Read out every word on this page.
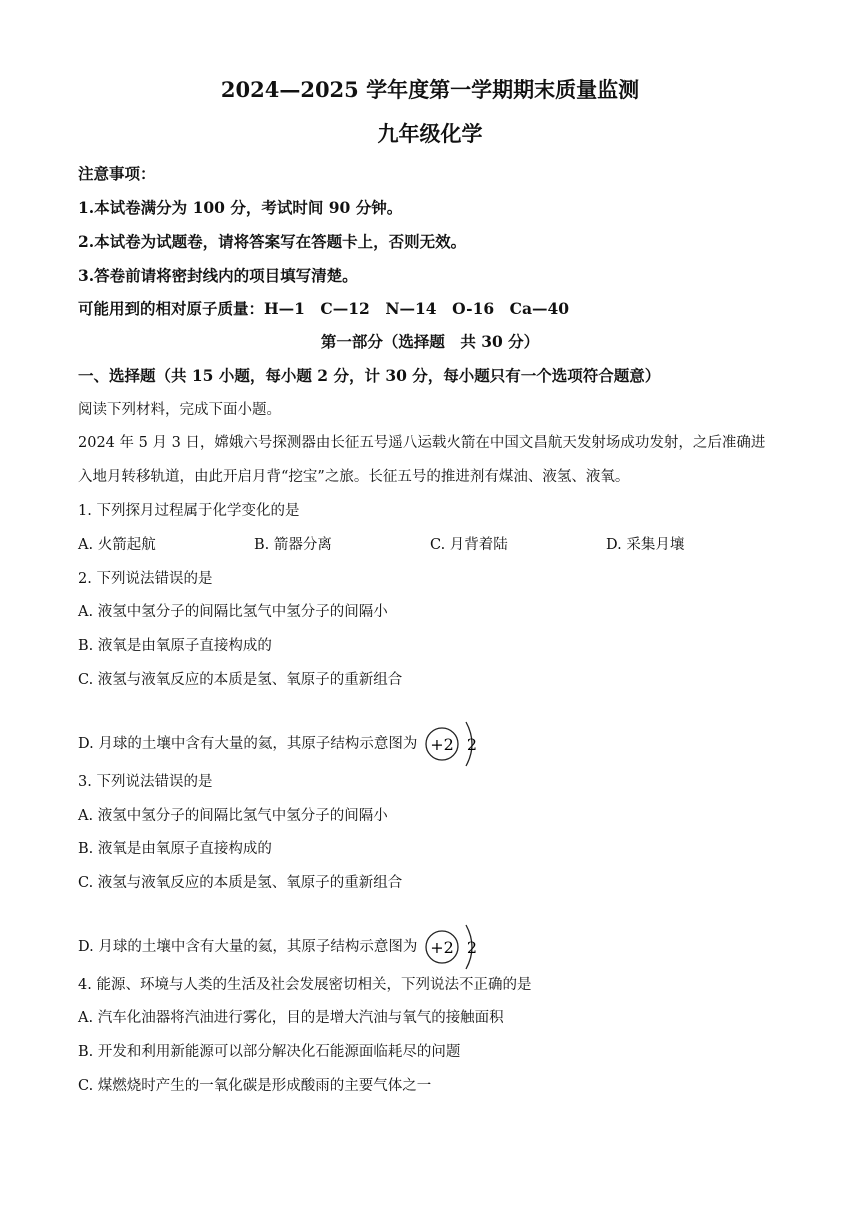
2024—2025 学年度第一学期期末质量监测
九年级化学
注意事项：
1.本试卷满分为 100 分，考试时间 90 分钟。
2.本试卷为试题卷，请将答案写在答题卡上，否则无效。
3.答卷前请将密封线内的项目填写清楚。
可能用到的相对原子质量：H—1　C—12　N—14　O-16　Ca—40
第一部分（选择题　共 30 分）
一、选择题（共 15 小题，每小题 2 分，计 30 分，每小题只有一个选项符合题意）
阅读下列材料，完成下面小题。
2024 年 5 月 3 日，嫦娥六号探测器由长征五号遥八运载火箭在中国文昌航天发射场成功发射，之后准确进
入地月转移轨道，由此开启月背“挖宝”之旅。长征五号的推进剂有煤油、液氢、液氧。
1. 下列探月过程属于化学变化的是
A. 火箭起航	B. 箭器分离	C. 月背着陆	D. 采集月壤
2. 下列说法错误的是
A. 液氢中氢分子的间隔比氢气中氢分子的间隔小
B. 液氧是由氧原子直接构成的
C. 液氢与液氧反应的本质是氢、氧原子的重新组合
D. 月球的土壤中含有大量的氦，其原子结构示意图为 +2 2
3. 下列说法错误的是
A. 液氢中氢分子的间隔比氢气中氢分子的间隔小
B. 液氧是由氧原子直接构成的
C. 液氢与液氧反应的本质是氢、氧原子的重新组合
D. 月球的土壤中含有大量的氦，其原子结构示意图为 +2 2
4. 能源、环境与人类的生活及社会发展密切相关，下列说法不正确的是
A. 汽车化油器将汽油进行雾化，目的是增大汽油与氧气的接触面积
B. 开发和利用新能源可以部分解决化石能源面临耗尽的问题
C. 煤燃烧时产生的一氧化碳是形成酸雨的主要气体之一
